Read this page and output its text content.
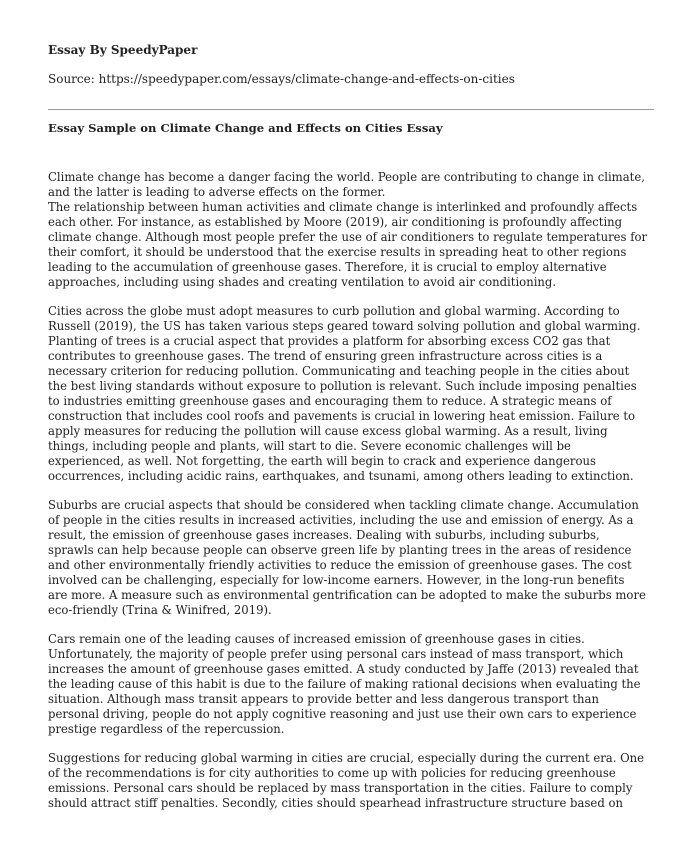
Essay By SpeedyPaper
Source: https://speedypaper.com/essays/climate-change-and-effects-on-cities
Essay Sample on Climate Change and Effects on Cities Essay

Climate change has become a danger facing the world. People are contributing to change in climate,
and the latter is leading to adverse effects on the former.
The relationship between human activities and climate change is interlinked and profoundly affects
each other. For instance, as established by Moore (2019), air conditioning is profoundly affecting
climate change. Although most people prefer the use of air conditioners to regulate temperatures for
their comfort, it should be understood that the exercise results in spreading heat to other regions
leading to the accumulation of greenhouse gases. Therefore, it is crucial to employ alternative
approaches, including using shades and creating ventilation to avoid air conditioning.

Cities across the globe must adopt measures to curb pollution and global warming. According to
Russell (2019), the US has taken various steps geared toward solving pollution and global warming.
Planting of trees is a crucial aspect that provides a platform for absorbing excess CO2 gas that
contributes to greenhouse gases. The trend of ensuring green infrastructure across cities is a
necessary criterion for reducing pollution. Communicating and teaching people in the cities about
the best living standards without exposure to pollution is relevant. Such include imposing penalties
to industries emitting greenhouse gases and encouraging them to reduce. A strategic means of
construction that includes cool roofs and pavements is crucial in lowering heat emission. Failure to
apply measures for reducing the pollution will cause excess global warming. As a result, living
things, including people and plants, will start to die. Severe economic challenges will be
experienced, as well. Not forgetting, the earth will begin to crack and experience dangerous
occurrences, including acidic rains, earthquakes, and tsunami, among others leading to extinction.

Suburbs are crucial aspects that should be considered when tackling climate change. Accumulation
of people in the cities results in increased activities, including the use and emission of energy. As a
result, the emission of greenhouse gases increases. Dealing with suburbs, including suburbs,
sprawls can help because people can observe green life by planting trees in the areas of residence
and other environmentally friendly activities to reduce the emission of greenhouse gases. The cost
involved can be challenging, especially for low-income earners. However, in the long-run benefits
are more. A measure such as environmental gentrification can be adopted to make the suburbs more
eco-friendly (Trina & Winifred, 2019).

Cars remain one of the leading causes of increased emission of greenhouse gases in cities.
Unfortunately, the majority of people prefer using personal cars instead of mass transport, which
increases the amount of greenhouse gases emitted. A study conducted by Jaffe (2013) revealed that
the leading cause of this habit is due to the failure of making rational decisions when evaluating the
situation. Although mass transit appears to provide better and less dangerous transport than
personal driving, people do not apply cognitive reasoning and just use their own cars to experience
prestige regardless of the repercussion.

Suggestions for reducing global warming in cities are crucial, especially during the current era. One
of the recommendations is for city authorities to come up with policies for reducing greenhouse
emissions. Personal cars should be replaced by mass transportation in the cities. Failure to comply
should attract stiff penalties. Secondly, cities should spearhead infrastructure structure based on
